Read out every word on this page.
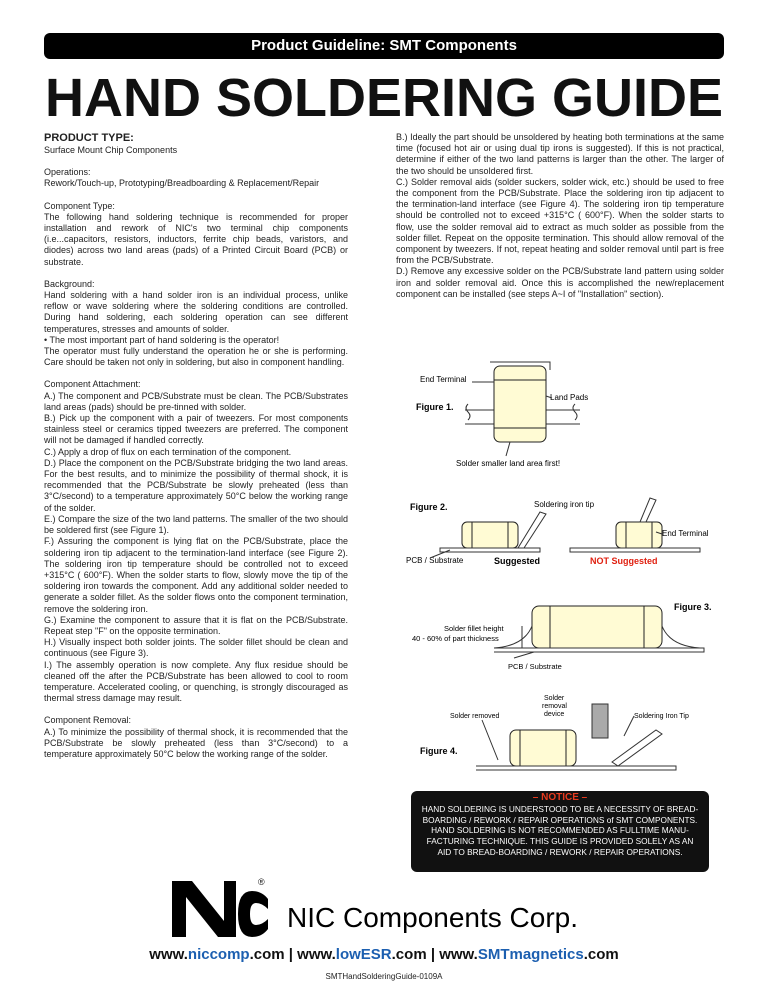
Product Guideline: SMT Components
HAND SOLDERING GUIDE
PRODUCT TYPE:

Surface Mount Chip Components

Operations:
Rework/Touch-up, Prototyping/Breadboarding & Replacement/Repair

Component Type:
The following hand soldering technique is recommended for proper installation and rework of NIC's two terminal chip components (i.e...capacitors, resistors, inductors, ferrite chip beads, varistors, and diodes) across two land areas (pads) of a Printed Circuit Board (PCB) or substrate.

Background:
Hand soldering with a hand solder iron is an individual process, unlike reflow or wave soldering where the soldering conditions are controlled. During hand soldering, each soldering operation can see different temperatures, stresses and amounts of solder.
• The most important part of hand soldering is the operator!
The operator must fully understand the operation he or she is performing. Care should be taken not only in soldering, but also in component handling.

Component Attachment:
A.) The component and PCB/Substrate must be clean. The PCB/Substrates land areas (pads) should be pre-tinned with solder.
B.) Pick up the component with a pair of tweezers. For most components stainless steel or ceramics tipped tweezers are preferred. The component will not be damaged if handled correctly.
C.) Apply a drop of flux on each termination of the component.
D.) Place the component on the PCB/Substrate bridging the two land areas. For the best results, and to minimize the possibility of thermal shock, it is recommended that the PCB/Substrate be slowly preheated (less than 3°C/second) to a temperature approximately 50°C below the working range of the solder.
E.) Compare the size of the two land patterns. The smaller of the two should be soldered first (see Figure 1).
F.) Assuring the component is lying flat on the PCB/Substrate, place the soldering iron tip adjacent to the termination-land interface (see Figure 2). The soldering iron tip temperature should be controlled not to exceed +315°C ( 600°F). When the solder starts to flow, slowly move the tip of the soldering iron towards the component. Add any additional solder needed to generate a solder fillet. As the solder flows onto the component termination, remove the soldering iron.
G.) Examine the component to assure that it is flat on the PCB/Substrate. Repeat step "F" on the opposite termination.
H.) Visually inspect both solder joints. The solder fillet should be clean and continuous (see Figure 3).
I.) The assembly operation is now complete. Any flux residue should be cleaned off the after the PCB/Substrate has been allowed to cool to room temperature. Accelerated cooling, or quenching, is strongly discouraged as thermal stress damage may result.

Component Removal:
A.) To minimize the possibility of thermal shock, it is recommended that the PCB/Substrate be slowly preheated (less than 3°C/second) to a temperature approximately 50°C below the working range of the solder.

B.) Ideally the part should be unsoldered by heating both terminations at the same time (focused hot air or using dual tip irons is suggested). If this is not practical, determine if either of the two land patterns is larger than the other. The larger of the two should be unsoldered first.
C.) Solder removal aids (solder suckers, solder wick, etc.) should be used to free the component from the PCB/Substrate. Place the soldering iron tip adjacent to the termination-land interface (see Figure 4). The soldering iron tip temperature should be controlled not to exceed +315°C ( 600°F). When the solder starts to flow, use the solder removal aid to extract as much solder as possible from the solder fillet. Repeat on the opposite termination. This should allow removal of the component by tweezers. If not, repeat heating and solder removal until part is free from the PCB/Substrate.
D.) Remove any excessive solder on the PCB/Substrate land pattern using solder iron and solder removal aid. Once this is accomplished the new/replacement component can be installed (see steps A~I of "Installation" section).

End Terminal
Figure 1.
Land Pads
Solder smaller land area first!
Figure 2.	Soldering iron tip
End Terminal
PCB / Substrate	Suggested	NOT Suggested
Figure 3.
Solder fillet height
40 - 60% of part thickness
PCB / Substrate
Solder
removal
device
Solder removed	Soldering Iron Tip
Figure 4.
– NOTICE –
HAND SOLDERING IS UNDERSTOOD TO BE A NECESSITY OF BREAD-
BOARDING / REWORK / REPAIR OPERATIONS of SMT COMPONENTS.
HAND SOLDERING IS NOT RECOMMENDED AS FULLTIME MANU-
FACTURING TECHNIQUE. THIS GUIDE IS PROVIDED SOLELY AS AN
AID TO BREAD-BOARDING / REWORK / REPAIR OPERATIONS.
®
NIC Components Corp.
www.niccomp.com | www.lowESR.com | www.SMTmagnetics.com
SMTHandSolderingGuide-0109A
